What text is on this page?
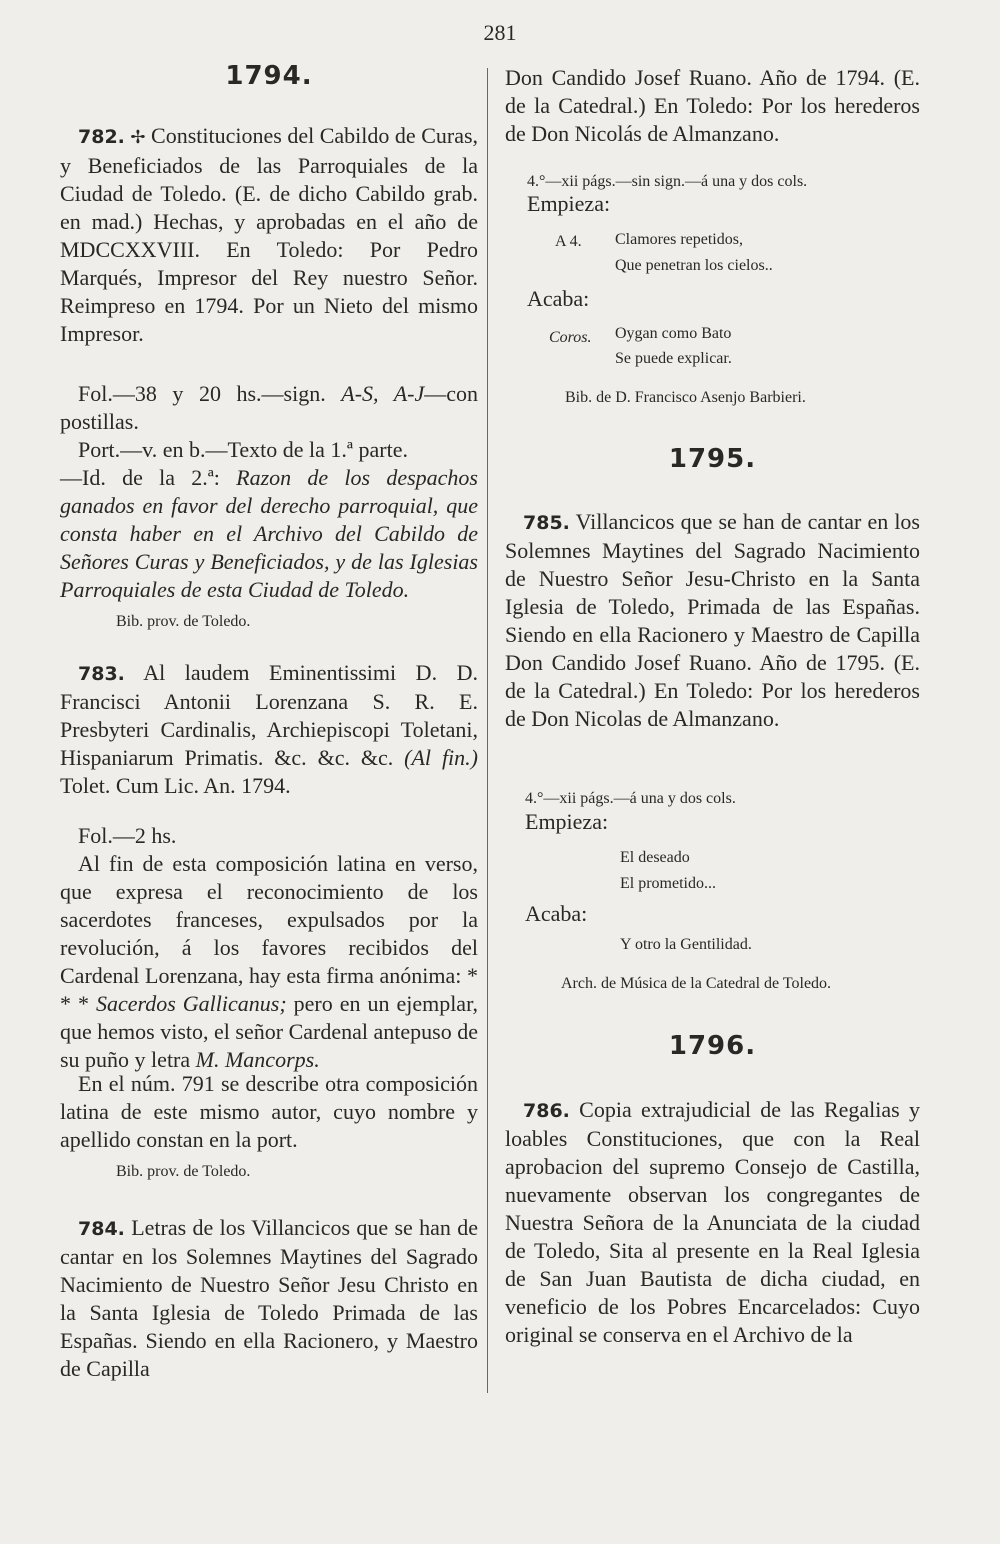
281
1794.
782. ✢ Constituciones del Cabildo de Curas, y Beneficiados de las Parroquiales de la Ciudad de Toledo. (E. de dicho Cabildo grab. en mad.) Hechas, y aprobadas en el año de MDCCXXVIII. En Toledo: Por Pedro Marqués, Impresor del Rey nuestro Señor. Reimpreso en 1794. Por un Nieto del mismo Impresor.
Fol.—38 y 20 hs.—sign. A-S, A-J—con postillas.
Port.—v. en b.—Texto de la 1.ª parte.
—Id. de la 2.ª: Razon de los despachos ganados en favor del derecho parroquial, que consta haber en el Archivo del Cabildo de Señores Curas y Beneficiados, y de las Iglesias Parroquiales de esta Ciudad de Toledo.
Bib. prov. de Toledo.
783. Al laudem Eminentissimi D. D. Francisci Antonii Lorenzana S. R. E. Presbyteri Cardinalis, Archiepiscopi Toletani, Hispaniarum Primatis. &c. &c. &c. (Al fin.) Tolet. Cum Lic. An. 1794.
Fol.—2 hs.
Al fin de esta composición latina en verso, que expresa el reconocimiento de los sacerdotes franceses, expulsados por la revolución, á los favores recibidos del Cardenal Lorenzana, hay esta firma anónima: * * * Sacerdos Gallicanus; pero en un ejemplar, que hemos visto, el señor Cardenal antepuso de su puño y letra M. Mancorps.
En el núm. 791 se describe otra composición latina de este mismo autor, cuyo nombre y apellido constan en la port.
Bib. prov. de Toledo.
784. Letras de los Villancicos que se han de cantar en los Solemnes Maytines del Sagrado Nacimiento de Nuestro Señor Jesu Christo en la Santa Iglesia de Toledo Primada de las Españas. Siendo en ella Racionero, y Maestro de Capilla
Don Candido Josef Ruano. Año de 1794. (E. de la Catedral.) En Toledo: Por los herederos de Don Nicolás de Almanzano.
4.°—xii págs.—sin sign.—á una y dos cols.
Empieza:
A 4. Clamores repetidos,
Que penetran los cielos..
Acaba:
Coros. Oygan como Bato
Se puede explicar.
Bib. de D. Francisco Asenjo Barbieri.
1795.
785. Villancicos que se han de cantar en los Solemnes Maytines del Sagrado Nacimiento de Nuestro Señor Jesu-Christo en la Santa Iglesia de Toledo, Primada de las Españas. Siendo en ella Racionero y Maestro de Capilla Don Candido Josef Ruano. Año de 1795. (E. de la Catedral.) En Toledo: Por los herederos de Don Nicolas de Almanzano.
4.°—xii págs.—á una y dos cols.
Empieza:
El deseado
El prometido...
Acaba:
Y otro la Gentilidad.
Arch. de Música de la Catedral de Toledo.
1796.
786. Copia extrajudicial de las Regalias y loables Constituciones, que con la Real aprobacion del supremo Consejo de Castilla, nuevamente observan los congregantes de Nuestra Señora de la Anunciata de la ciudad de Toledo, Sita al presente en la Real Iglesia de San Juan Bautista de dicha ciudad, en veneficio de los Pobres Encarcelados: Cuyo original se conserva en el Archivo de la
